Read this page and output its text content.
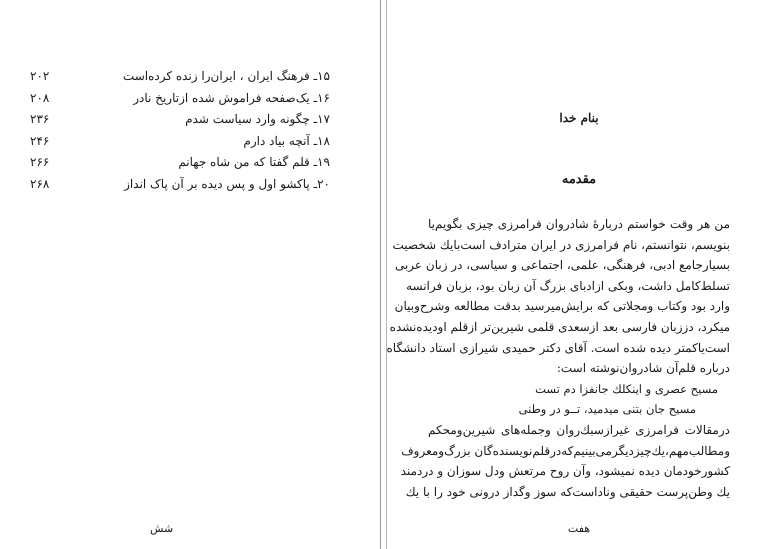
۲۰۲	۱۵ـ فرهنگ ایران ، ایران‌را زنده کرده‌است
۲۰۸	۱۶ـ یک‌صفحه فراموش شده ازتاریخ نادر
۲۳۶	۱۷ـ چگونه وارد سیاست شدم
۲۴۶	۱۸ـ آنچه بیاد دارم
۲۶۶	۱۹ـ قلم گفتا که من شاه جهانم
۲۶۸	۲۰ـ پاکشو اول و پس دیده بر آن پاک انداز
شش
بنام خدا
مقدمه
هفت
من هر وقت خواستم دربارهٔ شادروان فرامرزی چیزی بگویم‌یا
بنویسم، نتوانستم، نام فرامرزی در ایران مترادف است‌بایك شخصیت
بسیارجامع ادبی، فرهنگی، علمی، اجتماعی و سیاسی، در زبان عربی
تسلط‌کامل داشت، وبکی ازادبای بزرگ آن زبان بود، بزبان فرانسه
وارد بود وکتاب ومجلاتی که برایش‌میرسید بدقت مطالعه وشرح‌و‌بیان
میکرد، دززبان فارسی بعد ازسعدی قلمی شیرین‌تر ازقلم اودیده‌نشده
است‌یاکمتر دیده شده است. آقای دکتر حمیدی شیرازی استاد دانشگاه
درباره قلم‌آن شادروان‌نوشته است:
مسیح عصری و اینکلك جانفزا دم تست
مسیح جان بتنی میدمید، تــو در وطنی
درمقالات فرامرزی غیرازسبك‌روان وجمله‌های شیرین‌ومحکم
ومطالب‌مهم،یك‌چیزدیگرمی‌بینیم‌که‌درقلم‌نویسنده‌گان بزرگ‌ومعروف
کشورخودمان دیده نمیشود، وآن روح مرتعش ودل سوزان و دردمند
یك وطن‌پرست حقیقی وناداست‌که سوز وگداز درونی خود را با یك
